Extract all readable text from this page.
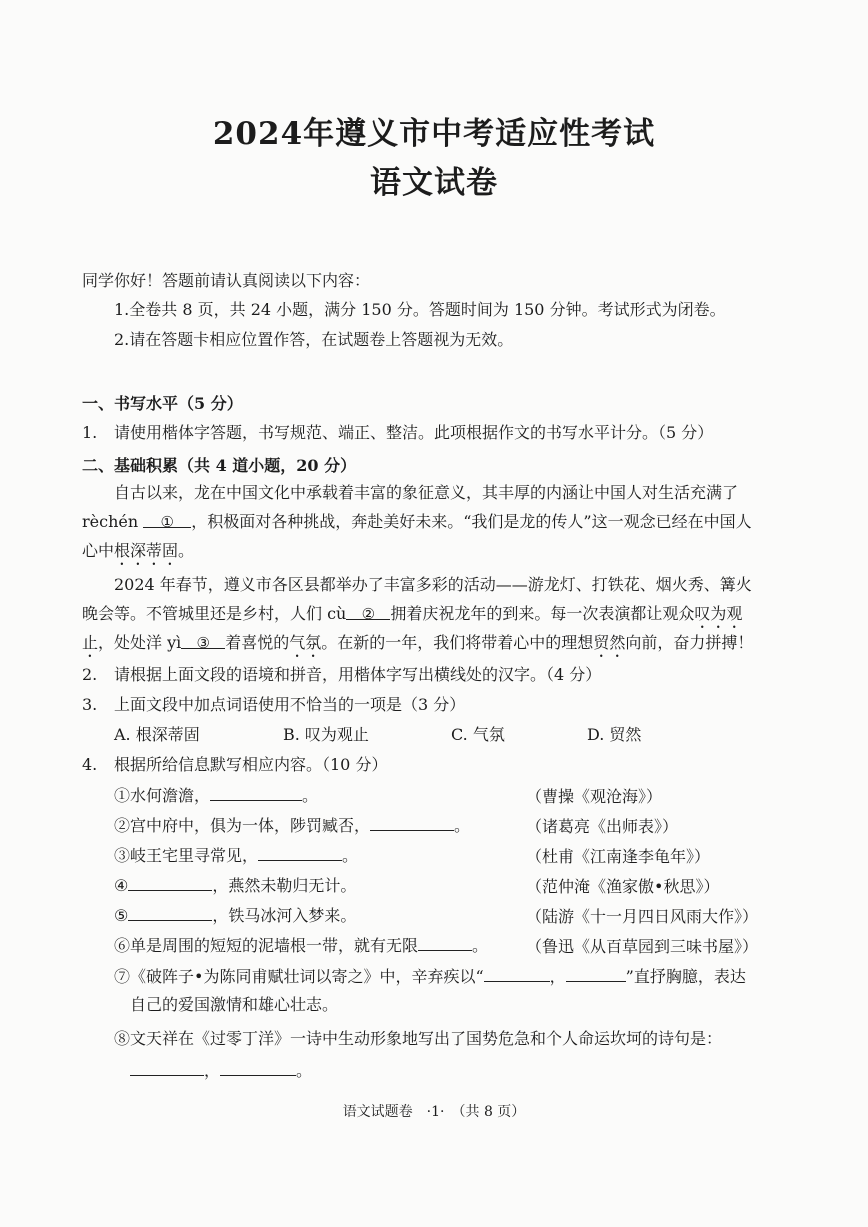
2024年遵义市中考适应性考试
语文试卷
同学你好！答题前请认真阅读以下内容：
1.全卷共 8 页，共 24 小题，满分 150 分。答题时间为 150 分钟。考试形式为闭卷。
2.请在答题卡相应位置作答，在试题卷上答题视为无效。
一、书写水平（5 分）
1. 请使用楷体字答题，书写规范、端正、整洁。此项根据作文的书写水平计分。（5 分）
二、基础积累（共 4 道小题，20 分）
自古以来，龙在中国文化中承载着丰富的象征意义，其丰厚的内涵让中国人对生活充满了
rèchén ① ，积极面对各种挑战，奔赴美好未来。“我们是龙的传人”这一观念已经在中国人
心中根深蒂固。
2024 年春节，遵义市各区县都举办了丰富多彩的活动——游龙灯、打铁花、烟火秀、篝火
晚会等。不管城里还是乡村，人们 cù ② 拥着庆祝龙年的到来。每一次表演都让观众叹为观
止，处处洋 yì ③ 着喜悦的气氛。在新的一年，我们将带着心中的理想贸然向前，奋力拼搏！
2. 请根据上面文段的语境和拼音，用楷体字写出横线处的汉字。（4 分）
3. 上面文段中加点词语使用不恰当的一项是（3 分）
A. 根深蒂固	B. 叹为观止	C. 气氛	D. 贸然
4. 根据所给信息默写相应内容。（10 分）
①水何澹澹，	。	（曹操《观沧海》）
②宫中府中，俱为一体，陟罚臧否，	。	（诸葛亮《出师表》）
③岐王宅里寻常见，	。	（杜甫《江南逢李龟年》）
④	，燕然未勒归无计。	（范仲淹《渔家傲•秋思》）
⑤	，铁马冰河入梦来。	（陆游《十一月四日风雨大作》）
⑥单是周围的短短的泥墙根一带，就有无限	。 （鲁迅《从百草园到三味书屋》）
⑦《破阵子•为陈同甫赋壮词以寄之》中，辛弃疾以“	，	”直抒胸臆，表达
自己的爱国激情和雄心壮志。
⑧文天祥在《过零丁洋》一诗中生动形象地写出了国势危急和个人命运坎坷的诗句是：
，	。
语文试题卷　·1·　（共 8 页）
